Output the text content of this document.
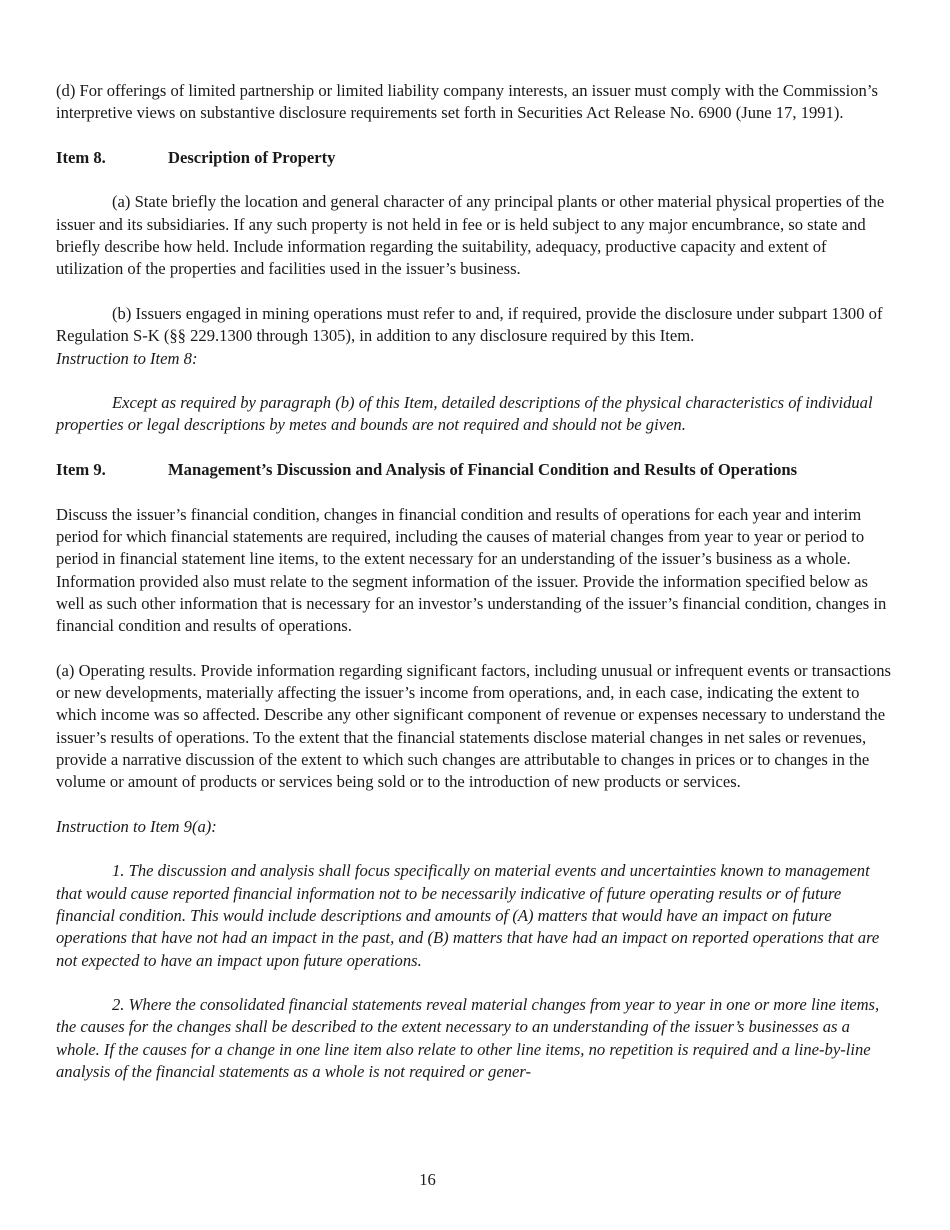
(d) For offerings of limited partnership or limited liability company interests, an issuer must comply with the Commission’s interpretive views on substantive disclosure requirements set forth in Securities Act Release No. 6900 (June 17, 1991).

Item 8.	Description of Property

(a) State briefly the location and general character of any principal plants or other material physical properties of the issuer and its subsidiaries. If any such property is not held in fee or is held subject to any major encumbrance, so state and briefly describe how held. Include information regarding the suitability, adequacy, productive capacity and extent of utilization of the properties and facilities used in the issuer’s business.

(b) Issuers engaged in mining operations must refer to and, if required, provide the disclosure under subpart 1300 of Regulation S-K (§§ 229.1300 through 1305), in addition to any disclosure required by this Item.

Instruction to Item 8:

Except as required by paragraph (b) of this Item, detailed descriptions of the physical characteristics of individual properties or legal descriptions by metes and bounds are not required and should not be given.

Item 9.	Management’s Discussion and Analysis of Financial Condition and Results of Operations

Discuss the issuer’s financial condition, changes in financial condition and results of operations for each year and interim period for which financial statements are required, including the causes of material changes from year to year or period to period in financial statement line items, to the extent necessary for an understanding of the issuer’s business as a whole. Information provided also must relate to the segment information of the issuer. Provide the information specified below as well as such other information that is necessary for an investor’s understanding of the issuer’s financial condition, changes in financial condition and results of operations.

(a) Operating results. Provide information regarding significant factors, including unusual or infrequent events or transactions or new developments, materially affecting the issuer’s income from operations, and, in each case, indicating the extent to which income was so affected. Describe any other significant component of revenue or expenses necessary to understand the issuer’s results of operations. To the extent that the financial statements disclose material changes in net sales or revenues, provide a narrative discussion of the extent to which such changes are attributable to changes in prices or to changes in the volume or amount of products or services being sold or to the introduction of new products or services.

Instruction to Item 9(a):

1. The discussion and analysis shall focus specifically on material events and uncertainties known to management that would cause reported financial information not to be necessarily indicative of future operating results or of future financial condition. This would include descriptions and amounts of (A) matters that would have an impact on future operations that have not had an impact in the past, and (B) matters that have had an impact on reported operations that are not expected to have an impact upon future operations.

2. Where the consolidated financial statements reveal material changes from year to year in one or more line items, the causes for the changes shall be described to the extent necessary to an understanding of the issuer’s businesses as a whole. If the causes for a change in one line item also relate to other line items, no repetition is required and a line-by-line analysis of the financial statements as a whole is not required or gener-

16
